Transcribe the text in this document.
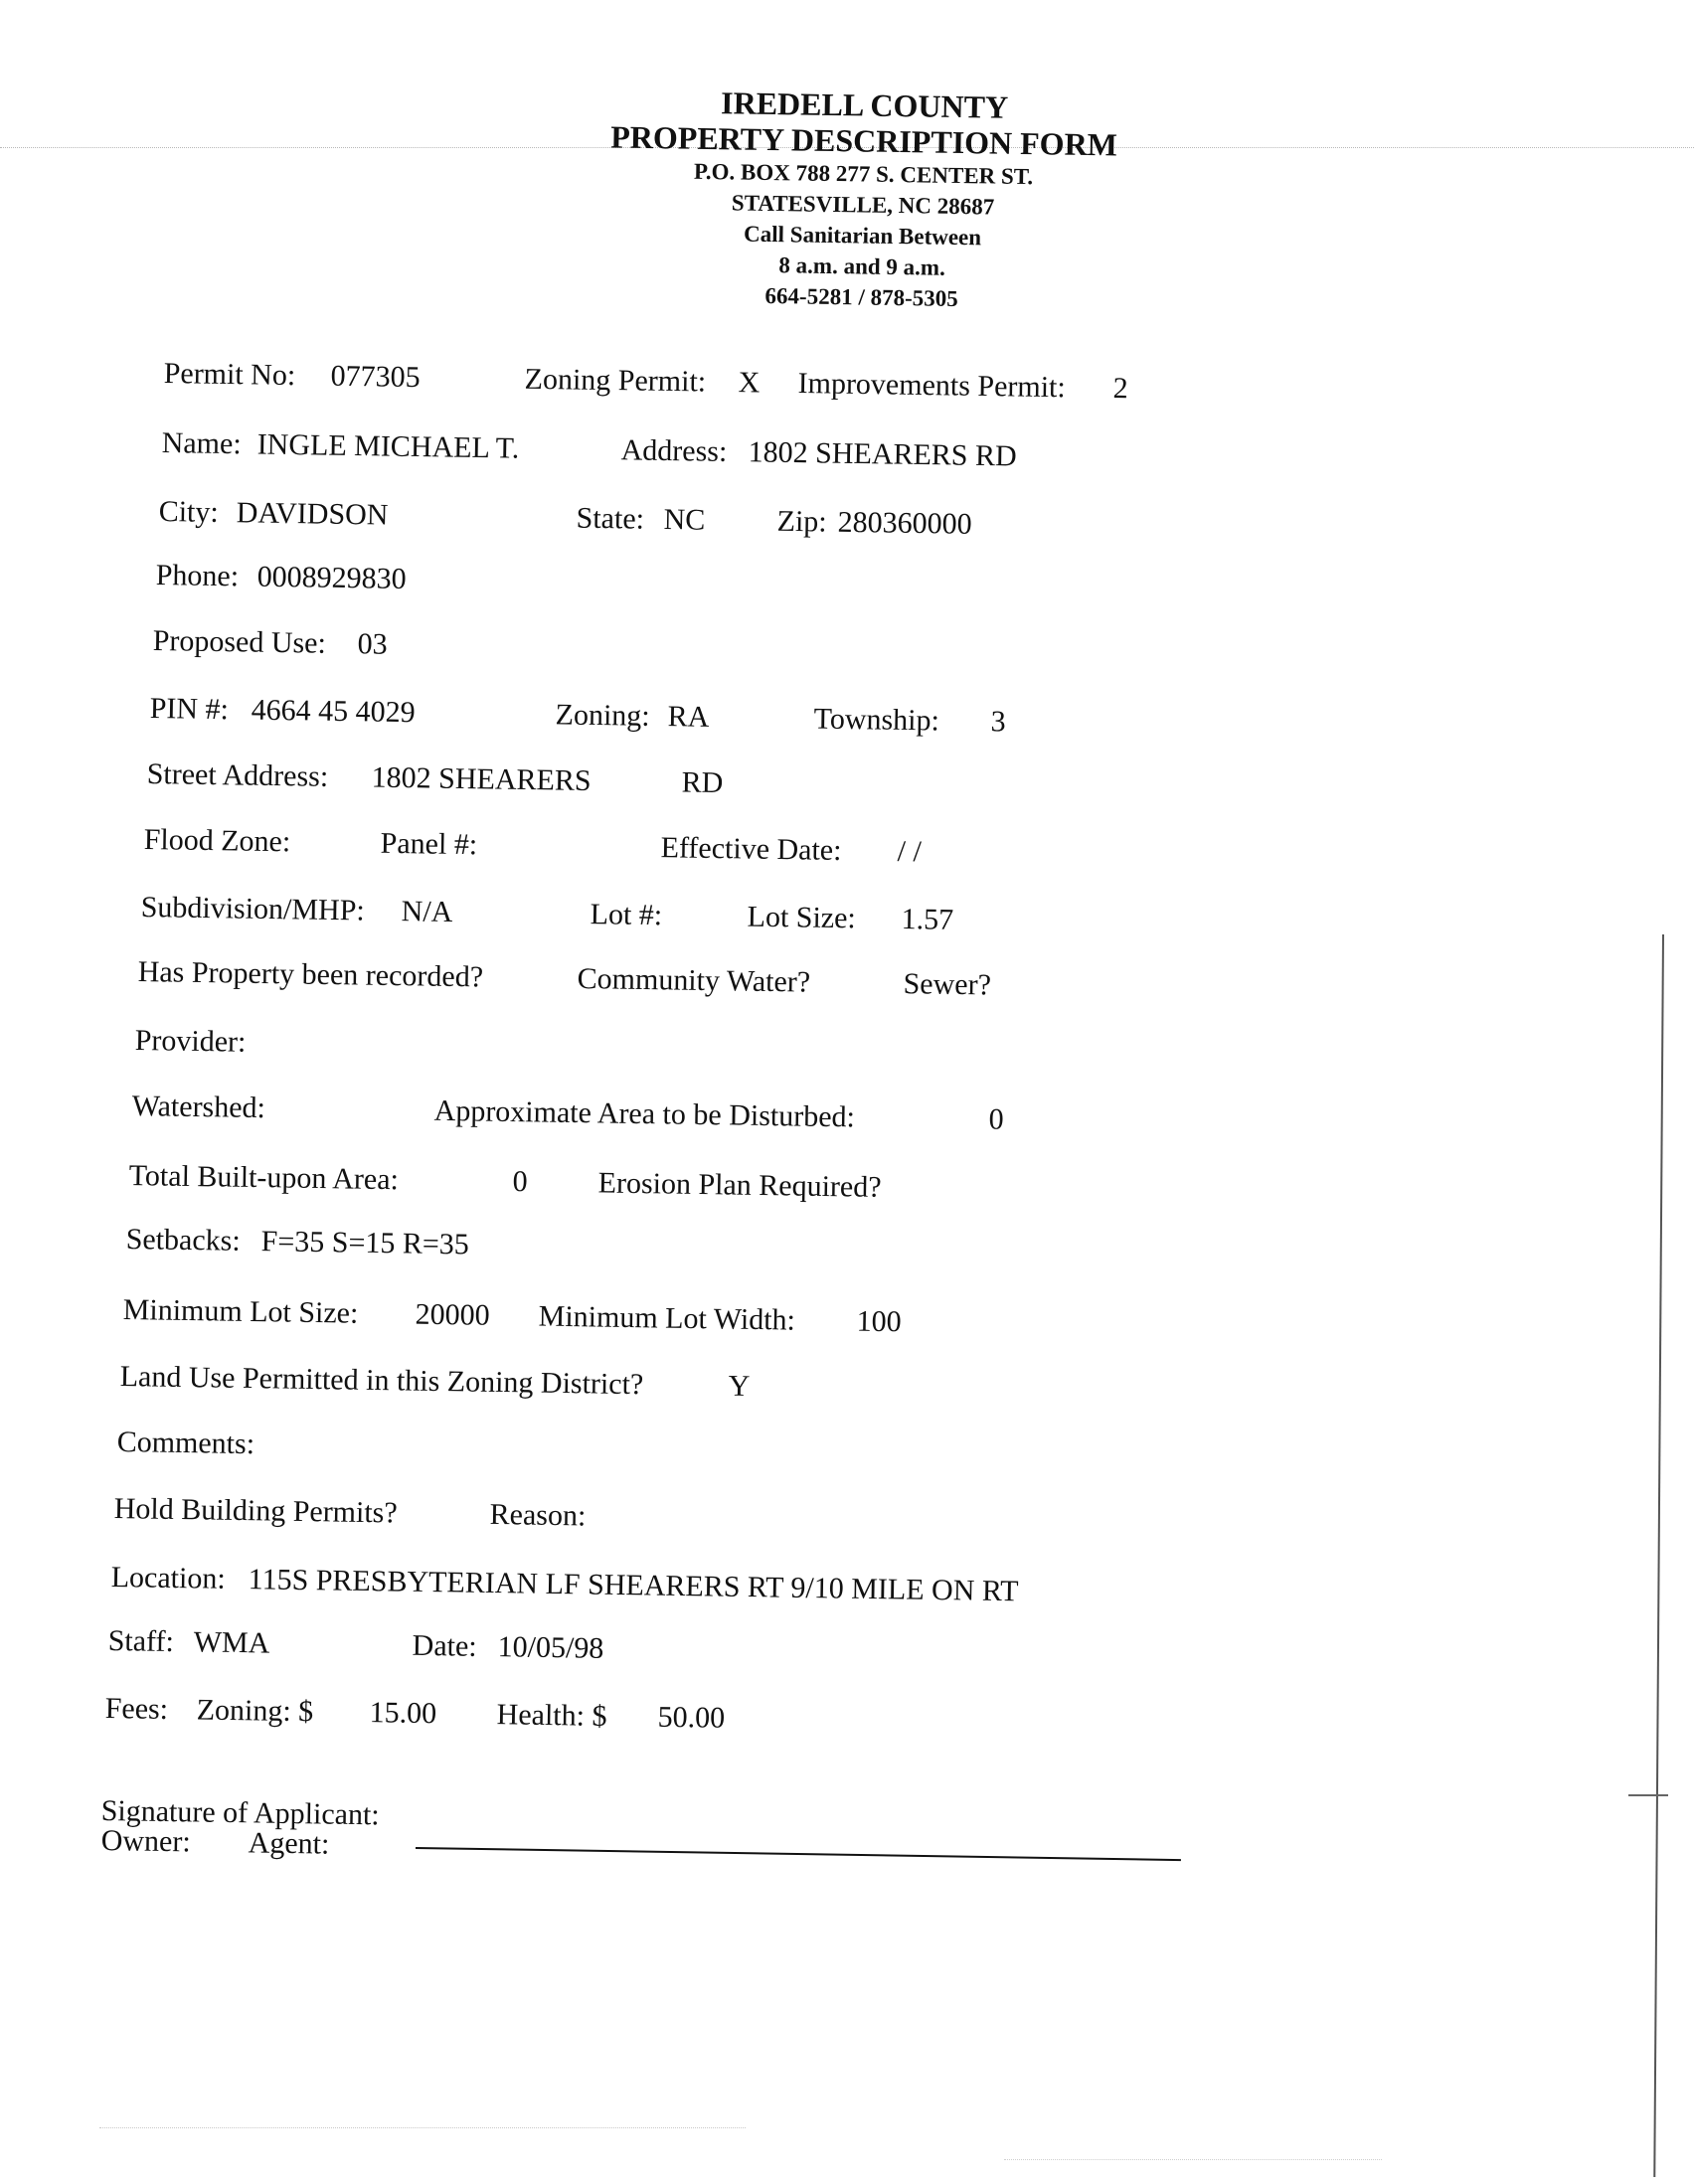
IREDELL COUNTY
PROPERTY DESCRIPTION FORM
P.O. BOX 788 277 S. CENTER ST.
STATESVILLE, NC 28687
Call Sanitarian Between
8 a.m. and 9 a.m.
664-5281 / 878-5305
Permit No: 077305	Zoning Permit: X Improvements Permit: 2
Name: INGLE MICHAEL T.	Address: 1802 SHEARERS RD
City: DAVIDSON	State: NC Zip: 280360000
Phone: 0008929830
Proposed Use: 03
PIN #: 4664 45 4029	Zoning: RA	Township: 3
Street Address: 1802 SHEARERS	RD
Flood Zone:	Panel #:	Effective Date: / /
Subdivision/MHP: N/A	Lot #:	Lot Size: 1.57
Has Property been recorded?	Community Water?	Sewer?
Provider:
Watershed:	Approximate Area to be Disturbed:	0
Total Built-upon Area:	0 Erosion Plan Required?
Setbacks: F=35 S=15 R=35
Minimum Lot Size: 20000 Minimum Lot Width: 100
Land Use Permitted in this Zoning District?	Y
Comments:
Hold Building Permits?	Reason:
Location: 115S PRESBYTERIAN LF SHEARERS RT 9/10 MILE ON RT
Staff: WMA	Date: 10/05/98
Fees: Zoning: $ 15.00 Health: $ 50.00
Signature of Applicant:
Owner: Agent:
